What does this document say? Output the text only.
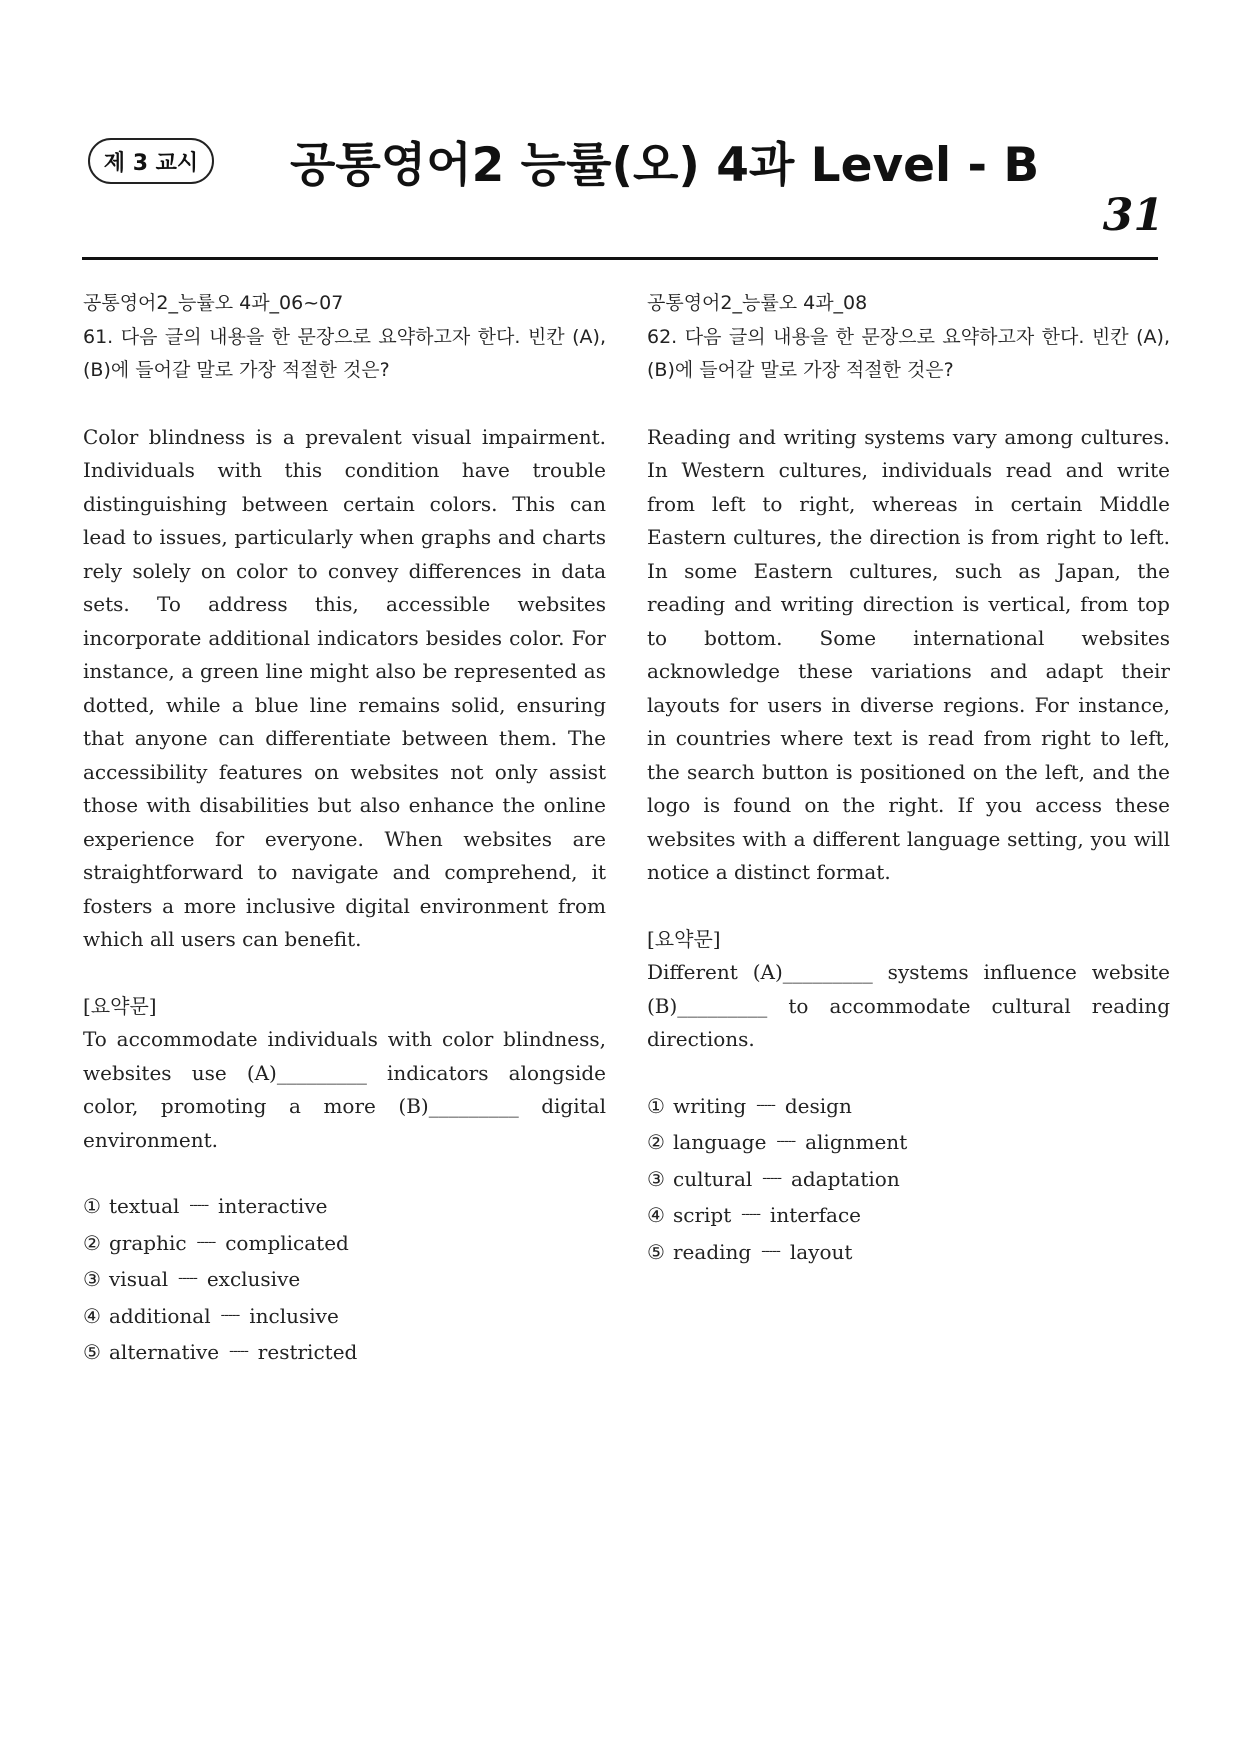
제 3 교시	공통영어2 능률(오) 4과 Level - B
31

공통영어2_능률오 4과_06~07

61. 다음 글의 내용을 한 문장으로 요약하고자 한다. 빈칸 (A), (B)에 들어갈 말로 가장 적절한 것은?

Color blindness is a prevalent visual impairment. Individuals with this condition have trouble distinguishing between certain colors. This can lead to issues, particularly when graphs and charts rely solely on color to convey differences in data sets. To address this, accessible websites incorporate additional indicators besides color. For instance, a green line might also be represented as dotted, while a blue line remains solid, ensuring that anyone can differentiate between them. The accessibility features on websites not only assist those with disabilities but also enhance the online experience for everyone. When websites are straightforward to navigate and comprehend, it fosters a more inclusive digital environment from which all users can benefit.

[요약문]

To accommodate individuals with color blindness, websites use (A)_________ indicators alongside color, promoting a more (B)_________ digital environment.

① textual ----- interactive
② graphic ----- complicated
③ visual ----- exclusive
④ additional ----- inclusive
⑤ alternative ----- restricted

공통영어2_능률오 4과_08

62. 다음 글의 내용을 한 문장으로 요약하고자 한다. 빈칸 (A), (B)에 들어갈 말로 가장 적절한 것은?

Reading and writing systems vary among cultures. In Western cultures, individuals read and write from left to right, whereas in certain Middle Eastern cultures, the direction is from right to left. In some Eastern cultures, such as Japan, the reading and writing direction is vertical, from top to bottom. Some international websites acknowledge these variations and adapt their layouts for users in diverse regions. For instance, in countries where text is read from right to left, the search button is positioned on the left, and the logo is found on the right. If you access these websites with a different language setting, you will notice a distinct format.

[요약문]

Different (A)_________ systems influence website (B)_________ to accommodate cultural reading directions.

① writing ----- design
② language ----- alignment
③ cultural ----- adaptation
④ script ----- interface
⑤ reading ----- layout
